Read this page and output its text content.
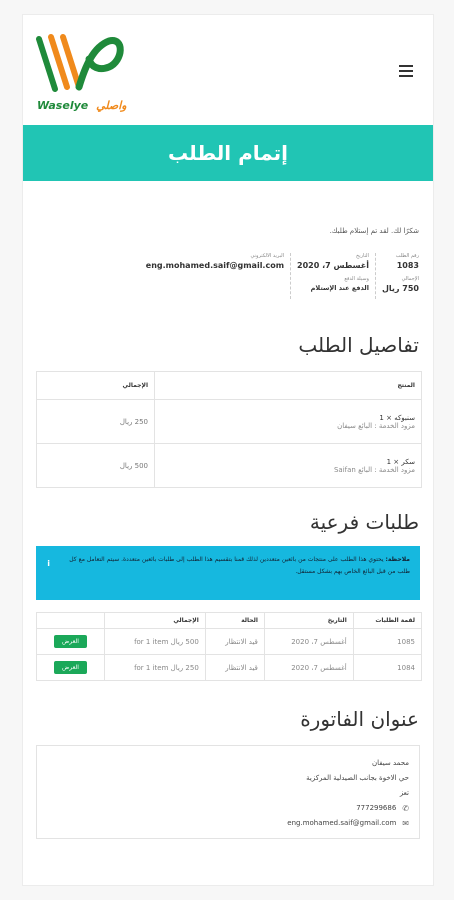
Waselye واصلي
إتمام الطلب

شكرًا لك. لقد تم إستلام طلبك.

رقم الطلب
1083
الإجمالي
750 ريال
التاريخ
أغسطس 7، 2020
وسيلة الدفع
الدفع عند الإستلام
البريد الالكتروني
eng.mohamed.saif@gmail.com
تفاصيل الطلب
المنتج	الإجمالي

سنبوكه × 1
مزود الخدمة : البائع سيفان	250 ريال

سكر × 1
مزود الخدمة : البائع Saifan	500 ريال
طلبات فرعية
i	ملاحظة: يحتوي هذا الطلب على منتجات من بائعين متعددين لذلك قمنا بتقسيم هذا الطلب إلى طلبات بائعين متعددة. سيتم التعامل مع كل طلب من قبل البائع الخاص بهم بشكل مستقل.
لقمة الطلبات	التاريخ	الحالة	الإجمالي	
1085	أغسطس 7، 2020	قيد الانتظار	500 ريال for 1 item	العرض
1084	أغسطس 7، 2020	قيد الانتظار	250 ريال for 1 item	العرض
عنوان الفاتورة
محمد سيفان
حي الاخوة بجانب الصيدلية المركزية
تعز
✆
777299686
✉
eng.mohamed.saif@gmail.com
